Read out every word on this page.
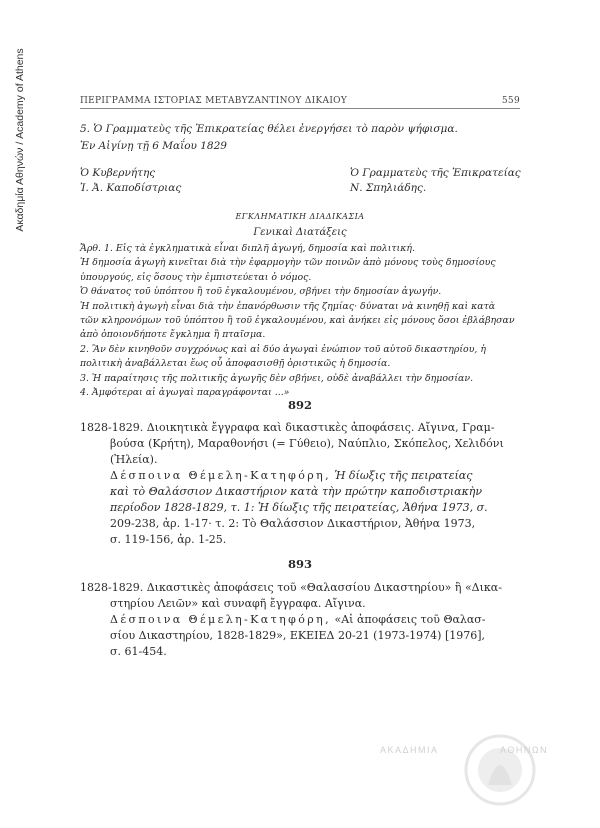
Ακαδημία Αθηνών / Academy of Athens	ΠΕΡΙΓΡΑΜΜΑ ΙΣΤΟΡΙΑΣ ΜΕΤΑΒΥΖΑΝΤΙΝΟΥ ΔΙΚΑΙΟΥ	559
5. Ὁ Γραμματεὺς τῆς Ἐπικρατείας θέλει ἐνεργήσει τὸ παρὸν ψήφισμα.
Ἐν Αἰγίνῃ τῇ 6 Μαΐου 1829
Ὁ Κυβερνήτης
Ἰ. Ἀ. Καποδίστριας
Ὁ Γραμματεὺς τῆς Ἐπικρατείας
Ν. Σπηλιάδης.
ΕΓΚΛΗΜΑΤΙΚΗ ΔΙΑΔΙΚΑΣΙΑ
Γενικαὶ Διατάξεις
Ἄρθ. 1. Εἰς τὰ ἐγκληματικὰ εἶναι διπλῆ ἀγωγή, δημοσία καὶ πολιτική.
Ἡ δημοσία ἀγωγὴ κινεῖται διὰ τὴν ἐφαρμογὴν τῶν ποινῶν ἀπὸ μόνους τοὺς δημοσίους
ὑπουργούς, εἰς ὅσους τὴν ἐμπιστεύεται ὁ νόμος.
Ὁ θάνατος τοῦ ὑπόπτου ἢ τοῦ ἐγκαλουμένου, σβήνει τὴν δημοσίαν ἀγωγήν.
Ἡ πολιτικὴ ἀγωγὴ εἶναι διὰ τὴν ἐπανόρθωσιν τῆς ζημίας· δύναται νὰ κινηθῇ καὶ κατὰ
τῶν κληρονόμων τοῦ ὑπόπτου ἢ τοῦ ἐγκαλουμένου, καὶ ἀνήκει εἰς μόνους ὅσοι ἐβλάβησαν
ἀπὸ ὁποιονδήποτε ἔγκλημα ἢ πταῖσμα.
2. Ἂν δὲν κινηθοῦν συγχρόνως καὶ αἱ δύο ἀγωγαὶ ἐνώπιον τοῦ αὐτοῦ δικαστηρίου, ἡ
πολιτικὴ ἀναβάλλεται ἕως οὗ ἀποφασισθῇ ὁριστικῶς ἡ δημοσία.
3. Ἡ παραίτησις τῆς πολιτικῆς ἀγωγῆς δὲν σβήνει, οὐδὲ ἀναβάλλει τὴν δημοσίαν.
4. Ἀμφότεραι αἱ ἀγωγαὶ παραγράφονται ...»
892
1828-1829. Διοικητικὰ ἔγγραφα καὶ δικαστικὲς ἀποφάσεις. Αἴγινα, Γραμ-
βούσα (Κρήτη), Μαραθονήσι (= Γύθειο), Ναύπλιο, Σκόπελος, Χελιδόνι
(Ἠλεία).
Δέσποινα Θέμελη-Κατηφόρη, Ἡ δίωξις τῆς πειρατείας
καὶ τὸ Θαλάσσιον Δικαστήριον κατὰ τὴν πρώτην καποδιστριακὴν
περίοδον 1828-1829, τ. 1: Ἡ δίωξις τῆς πειρατείας, Ἀθήνα 1973, σ.
209-238, ἀρ. 1-17· τ. 2: Τὸ Θαλάσσιον Δικαστήριον, Ἀθήνα 1973,
σ. 119-156, ἀρ. 1-25.
893
1828-1829. Δικαστικὲς ἀποφάσεις τοῦ «Θαλασσίου Δικαστηρίου» ἢ «Δικα-
στηρίου Λειῶν» καὶ συναφῆ ἔγγραφα. Αἴγινα.
Δέσποινα Θέμελη-Κατηφόρη, «Αἱ ἀποφάσεις τοῦ Θαλασ-
σίου Δικαστηρίου, 1828-1829», ΕΚΕΙΕΔ 20-21 (1973-1974) [1976],
σ. 61-454.
ΑΚΑΔΗΜΙΑ	ΑΘΗΝΩΝ
